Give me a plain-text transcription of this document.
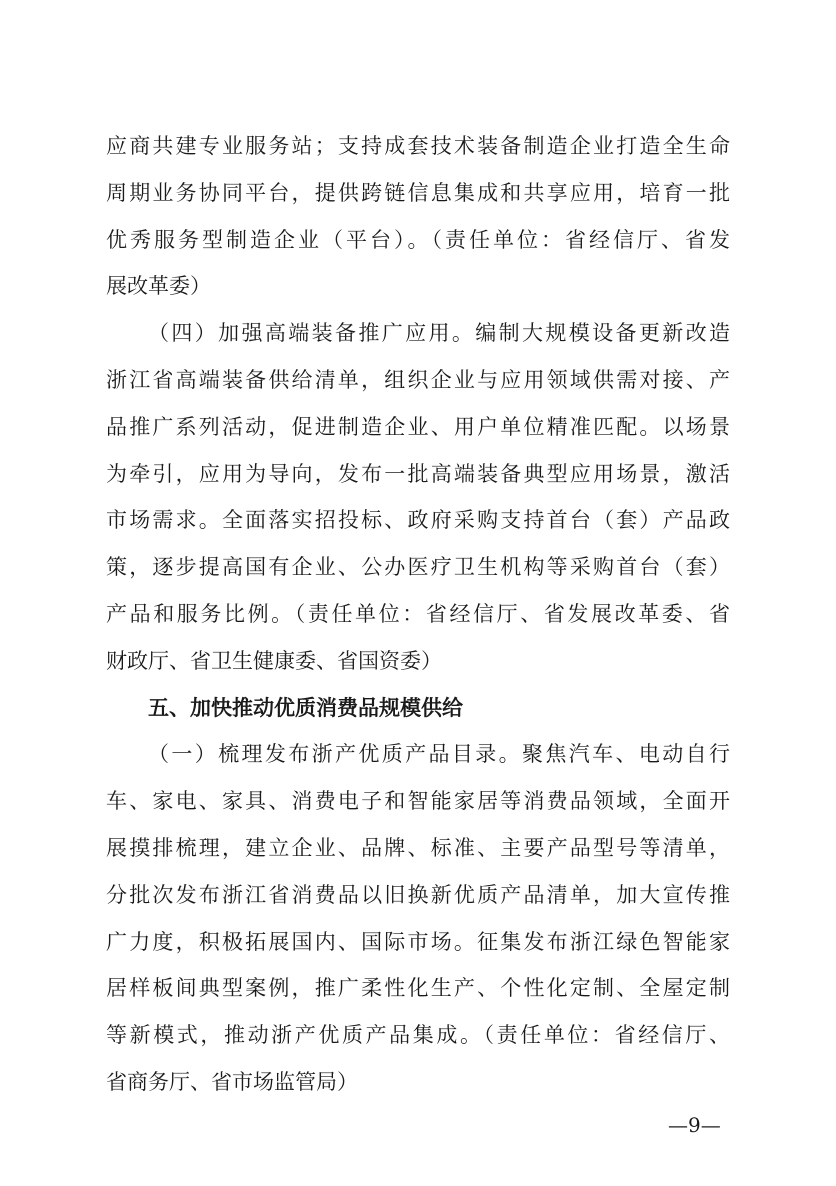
应商共建专业服务站；支持成套技术装备制造企业打造全生命
周期业务协同平台，提供跨链信息集成和共享应用，培育一批
优秀服务型制造企业（平台）。（责任单位：省经信厅、省发
展改革委）
（四）加强高端装备推广应用。编制大规模设备更新改造
浙江省高端装备供给清单，组织企业与应用领域供需对接、产
品推广系列活动，促进制造企业、用户单位精准匹配。以场景
为牵引，应用为导向，发布一批高端装备典型应用场景，激活
市场需求。全面落实招投标、政府采购支持首台（套）产品政
策，逐步提高国有企业、公办医疗卫生机构等采购首台（套）
产品和服务比例。（责任单位：省经信厅、省发展改革委、省
财政厅、省卫生健康委、省国资委）
五、加快推动优质消费品规模供给
（一）梳理发布浙产优质产品目录。聚焦汽车、电动自行
车、家电、家具、消费电子和智能家居等消费品领域，全面开
展摸排梳理，建立企业、品牌、标准、主要产品型号等清单，
分批次发布浙江省消费品以旧换新优质产品清单，加大宣传推
广力度，积极拓展国内、国际市场。征集发布浙江绿色智能家
居样板间典型案例，推广柔性化生产、个性化定制、全屋定制
等新模式，推动浙产优质产品集成。（责任单位：省经信厅、
省商务厅、省市场监管局）
—9—
